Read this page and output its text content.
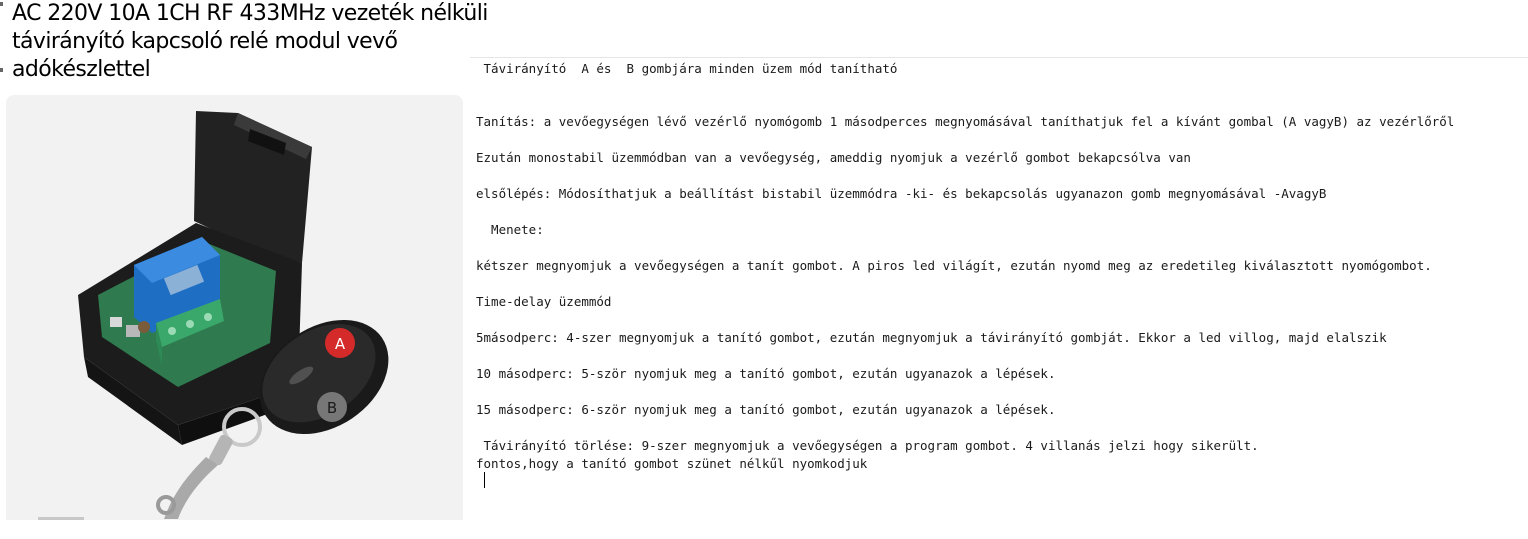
AC 220V 10A 1CH RF 433MHz vezeték nélküli távirányító kapcsoló relé modul vevő adókészlettel
A
B

Távirányító  A és  B gombjára minden üzem mód tanítható

Tanítás: a vevőegységen lévő vezérlő nyomógomb 1 másodperces megnyomásával taníthatjuk fel a kívánt gombal (A vagyB) az vezérlőről

Ezután monostabil üzemmódban van a vevőegység, ameddig nyomjuk a vezérlő gombot bekapcsólva van

elsőlépés: Módosíthatjuk a beállítást bistabil üzemmódra -ki- és bekapcsolás ugyanazon gomb megnyomásával -AvagyB

Menete:

kétszer megnyomjuk a vevőegységen a tanít gombot. A piros led világít, ezután nyomd meg az eredetileg kiválasztott nyomógombot.

Time-delay üzemmód

5másodperc: 4-szer megnyomjuk a tanító gombot, ezután megnyomjuk a távirányító gombját. Ekkor a led villog, majd elalszik

10 másodperc: 5-ször nyomjuk meg a tanító gombot, ezután ugyanazok a lépések.

15 másodperc: 6-ször nyomjuk meg a tanító gombot, ezután ugyanazok a lépések.

Távirányító törlése: 9-szer megnyomjuk a vevőegységen a program gombot. 4 villanás jelzi hogy sikerült.

fontos,hogy a tanító gombot szünet nélkűl nyomkodjuk
